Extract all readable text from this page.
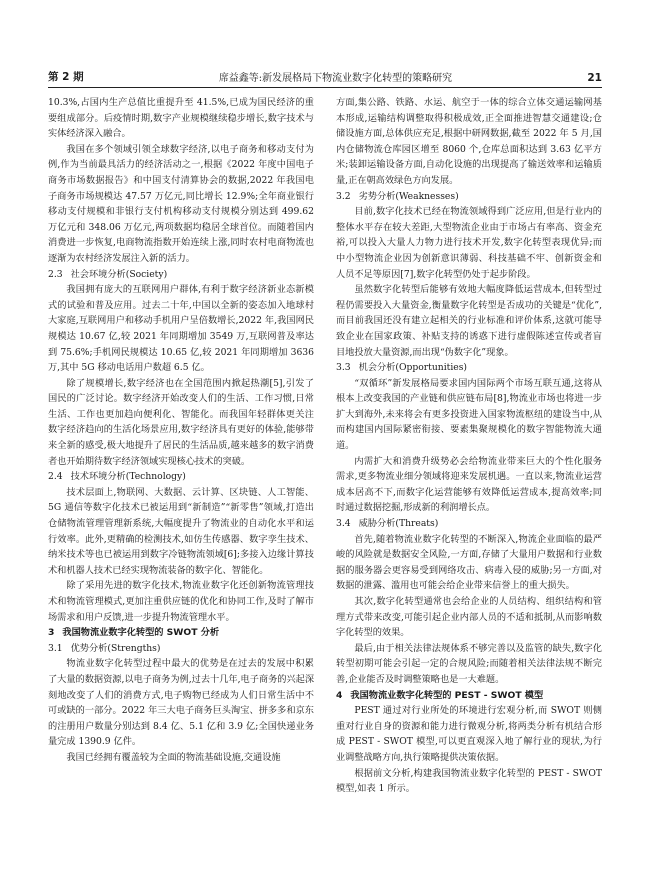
第 2 期	席益鑫等:新发展格局下物流业数字化转型的策略研究	21

10.3%,占国内生产总值比重提升至 41.5%,已成为国民经济的重要组成部分。后疫情时期,数字产业规模继续稳步增长,数字技术与实体经济深入融合。

我国在多个领域引领全球数字经济,以电子商务和移动支付为例,作为当前最具活力的经济活动之一,根据《2022 年度中国电子商务市场数据报告》和中国支付清算协会的数据,2022 年我国电子商务市场规模达 47.57 万亿元,同比增长 12.9%;全年商业银行移动支付规模和非银行支付机构移动支付规模分别达到 499.62 万亿元和 348.06 万亿元,两项数据均稳居全球首位。而随着国内消费进一步恢复,电商物流指数开始连续上涨,同时农村电商物流也逐渐为农村经济发展注入新的活力。

2.3 社会环境分析(Society)

我国拥有庞大的互联网用户群体,有利于数字经济新业态新模式的试验和普及应用。过去二十年,中国以全新的姿态加入地球村大家庭,互联网用户和移动手机用户呈倍数增长,2022 年,我国网民规模达 10.67 亿,较 2021 年同期增加 3549 万,互联网普及率达到 75.6%;手机网民规模达 10.65 亿,较 2021 年同期增加 3636 万,其中 5G 移动电话用户数超 6.5 亿。

除了规模增长,数字经济也在全国范围内掀起热潮[5],引发了国民的广泛讨论。数字经济开始改变人们的生活、工作习惯,日常生活、工作也更加趋向便利化、智能化。而我国年轻群体更关注数字经济趋向的生活化场景应用,数字经济具有更好的体验,能够带来全新的感受,极大地提升了居民的生活品质,越来越多的数字消费者也开始期待数字经济领域实现核心技术的突破。

2.4 技术环境分析(Technology)

技术层面上,物联网、大数据、云计算、区块链、人工智能、5G 通信等数字化技术已被运用到“新制造”“新零售”领域,打造出仓储物流管理管理新系统,大幅度提升了物流业的自动化水平和运行效率。此外,更精确的检测技术,如仿生传感器、数字孪生技术、纳米技术等也已被运用到数字冷链物流领域[6];多接入边缘计算技术和机器人技术已经实现物流装备的数字化、智能化。

除了采用先进的数字化技术,物流业数字化还创新物流管理技术和物流管理模式,更加注重供应链的优化和协同工作,及时了解市场需求和用户反馈,进一步提升物流管理水平。

3 我国物流业数字化转型的 SWOT 分析

3.1 优势分析(Strengths)

物流业数字化转型过程中最大的优势是在过去的发展中积累了大量的数据资源,以电子商务为例,过去十几年,电子商务的兴起深刻地改变了人们的消费方式,电子购物已经成为人们日常生活中不可或缺的一部分。2022 年三大电子商务巨头淘宝、拼多多和京东的注册用户数量分别达到 8.4 亿、5.1 亿和 3.9 亿;全国快递业务量完成 1390.9 亿件。

我国已经拥有覆盖较为全面的物流基础设施,交通设施

方面,集公路、铁路、水运、航空于一体的综合立体交通运输网基本形成,运输结构调整取得积极成效,正全面推进智慧交通建设;仓储设施方面,总体供应充足,根据中研网数据,截至 2022 年 5 月,国内仓储物流仓库园区增至 8060 个,仓库总面积达到 3.63 亿平方米;装卸运输设备方面,自动化设施的出现提高了输送效率和运输质量,正在朝高效绿色方向发展。

3.2 劣势分析(Weaknesses)

目前,数字化技术已经在物流领域得到广泛应用,但是行业内的整体水平存在较大差距,大型物流企业由于市场占有率高、资金充裕,可以投入大量人力物力进行技术开发,数字化转型表现优异;而中小型物流企业因为创新意识薄弱、科技基础不牢、创新资金和人员不足等原因[7],数字化转型仍处于起步阶段。

虽然数字化转型后能够有效地大幅度降低运营成本,但转型过程仍需要投入大量资金,衡量数字化转型是否成功的关键是“优化”,而目前我国还没有建立起相关的行业标准和评价体系,这就可能导致企业在国家政策、补贴支持的诱惑下进行虚假陈述宣传或者盲目地投放大量资源,而出现“伪数字化”现象。

3.3 机会分析(Opportunities)

“双循环”新发展格局要求国内国际两个市场互联互通,这将从根本上改变我国的产业链和供应链布局[8],物流业市场也将进一步扩大到海外,未来将会有更多投资进入国家物流枢纽的建设当中,从而构建国内国际紧密衔接、要素集聚规模化的数字智能物流大通道。

内需扩大和消费升级势必会给物流业带来巨大的个性化服务需求,更多物流业细分领域将迎来发展机遇。一直以来,物流业运营成本居高不下,而数字化运营能够有效降低运营成本,提高效率;同时通过数据挖掘,形成新的利润增长点。

3.4 威胁分析(Threats)

首先,随着物流业数字化转型的不断深入,物流企业面临的最严峻的风险就是数据安全风险,一方面,存储了大量用户数据和行业数据的服务器会更容易受到网络攻击、病毒入侵的威胁;另一方面,对数据的泄露、滥用也可能会给企业带来信誉上的重大损失。

其次,数字化转型通常也会给企业的人员结构、组织结构和管理方式带来改变,可能引起企业内部人员的不适和抵制,从而影响数字化转型的效果。

最后,由于相关法律法规体系不够完善以及监管的缺失,数字化转型初期可能会引起一定的合规风险;而随着相关法律法规不断完善,企业能否及时调整策略也是一大难题。

4 我国物流业数字化转型的 PEST - SWOT 模型

PEST 通过对行业所处的环境进行宏观分析,而 SWOT 则侧重对行业自身的资源和能力进行微观分析,将两类分析有机结合形成 PEST - SWOT 模型,可以更直观深入地了解行业的现状,为行业调整战略方向,执行策略提供决策依据。

根据前文分析,构建我国物流业数字化转型的 PEST - SWOT 模型,如表 1 所示。
